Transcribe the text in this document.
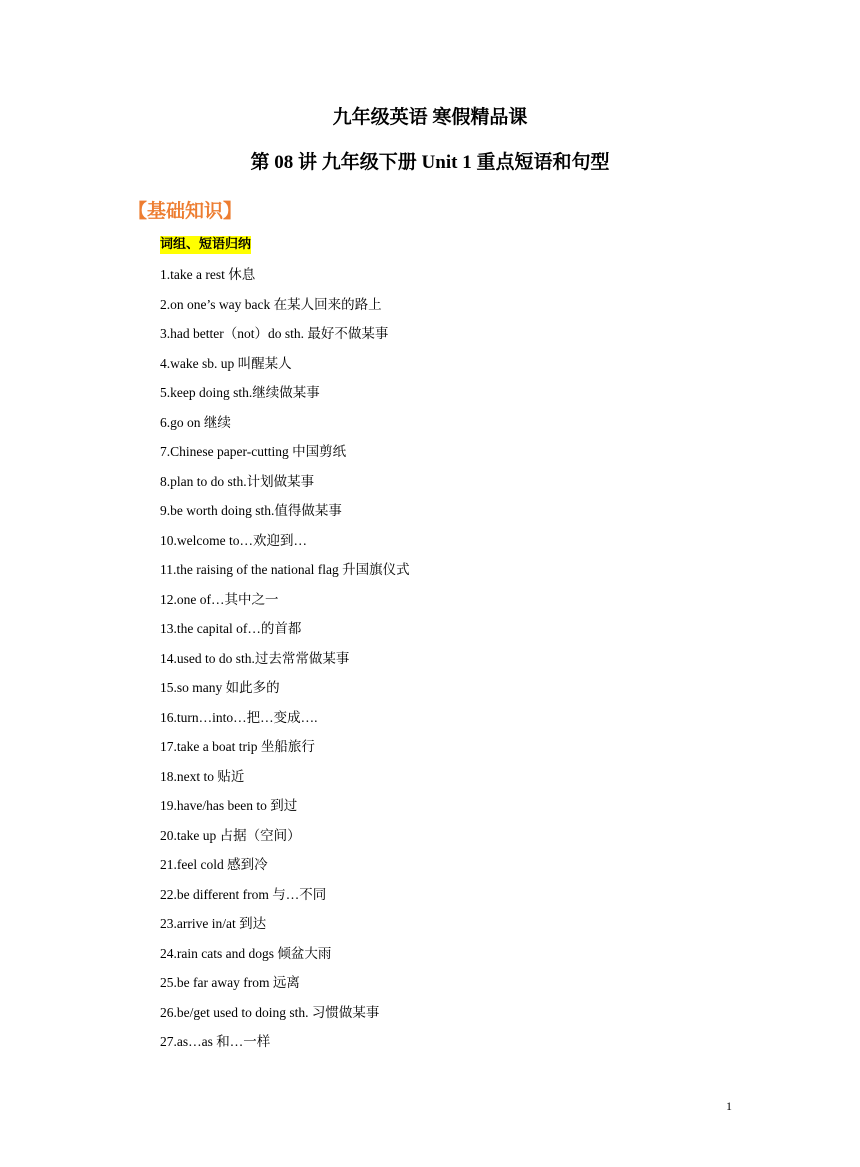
九年级英语 寒假精品课
第 08 讲 九年级下册 Unit 1 重点短语和句型
【基础知识】
词组、短语归纳
1.take a rest 休息
2.on one’s way back 在某人回来的路上
3.had better（not）do sth. 最好不做某事
4.wake sb. up 叫醒某人
5.keep doing sth.继续做某事
6.go on 继续
7.Chinese paper-cutting 中国剪纸
8.plan to do sth.计划做某事
9.be worth doing sth.值得做某事
10.welcome to…欢迎到…
11.the raising of the national flag 升国旗仪式
12.one of…其中之一
13.the capital of…的首都
14.used to do sth.过去常常做某事
15.so many 如此多的
16.turn…into…把…变成….
17.take a boat trip 坐船旅行
18.next to 贴近
19.have/has been to 到过
20.take up 占据（空间）
21.feel cold 感到冷
22.be different from 与…不同
23.arrive in/at 到达
24.rain cats and dogs 倾盆大雨
25.be far away from 远离
26.be/get used to doing sth. 习惯做某事
27.as…as 和…一样
1
